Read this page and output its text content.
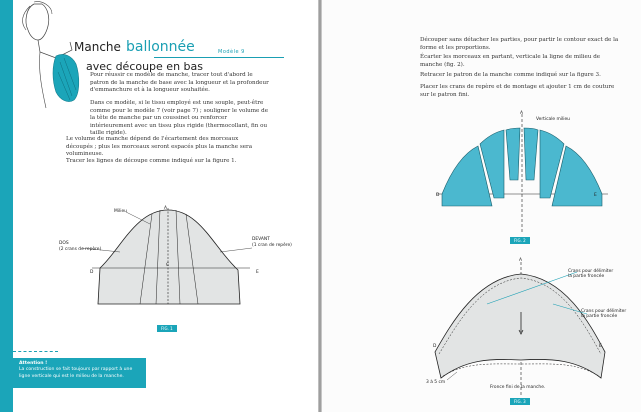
Manche ballonnée
avec découpe en bas
Modèle 9
Pour réussir ce modèle de manche, tracer tout d'abord le patron de la manche de base avec la longueur et la profondeur d'emmanchure et à la longueur souhaitée.
Dans ce modèle, si le tissu employé est une souple, peut-être comme pour le modèle 7 (voir page 7) ; souligner le volume de la tête de manche par un coussinet ou renforcer intérieurement avec un tissu plus rigide (thermocollant, fin ou taille rigide).
Le volume de manche dépend de l'écartement des morceaux découpés ; plus les morceaux seront espacés plus la manche sera volumineuse.
Tracer les lignes de découpe comme indiqué sur la figure 1.
Milieu
A
C
D	E
DOS
(2 crans de repère)
DEVANT
(1 cran de repère)
FIG. 1
Attention !
La construction se fait toujours par rapport à une ligne verticale qui est le milieu de la manche.
Découper sans détacher les parties, pour partir le contour exact de la forme et les proportions.
Écarter les morceaux en partant, verticale la ligne de milieu de manche (fig. 2).
Retracer le patron de la manche comme indiqué sur la figure 3.
Placer les crans de repère et de montage et ajouter 1 cm de couture sur le patron fini.
A
Verticale milieu
D	E
FIG. 2
A
D	E
Crans pour délimiter la partie froncée
Crans pour délimiter la partie froncée
Fronce fini de la manche.
3 à 5 cm
FIG. 3
